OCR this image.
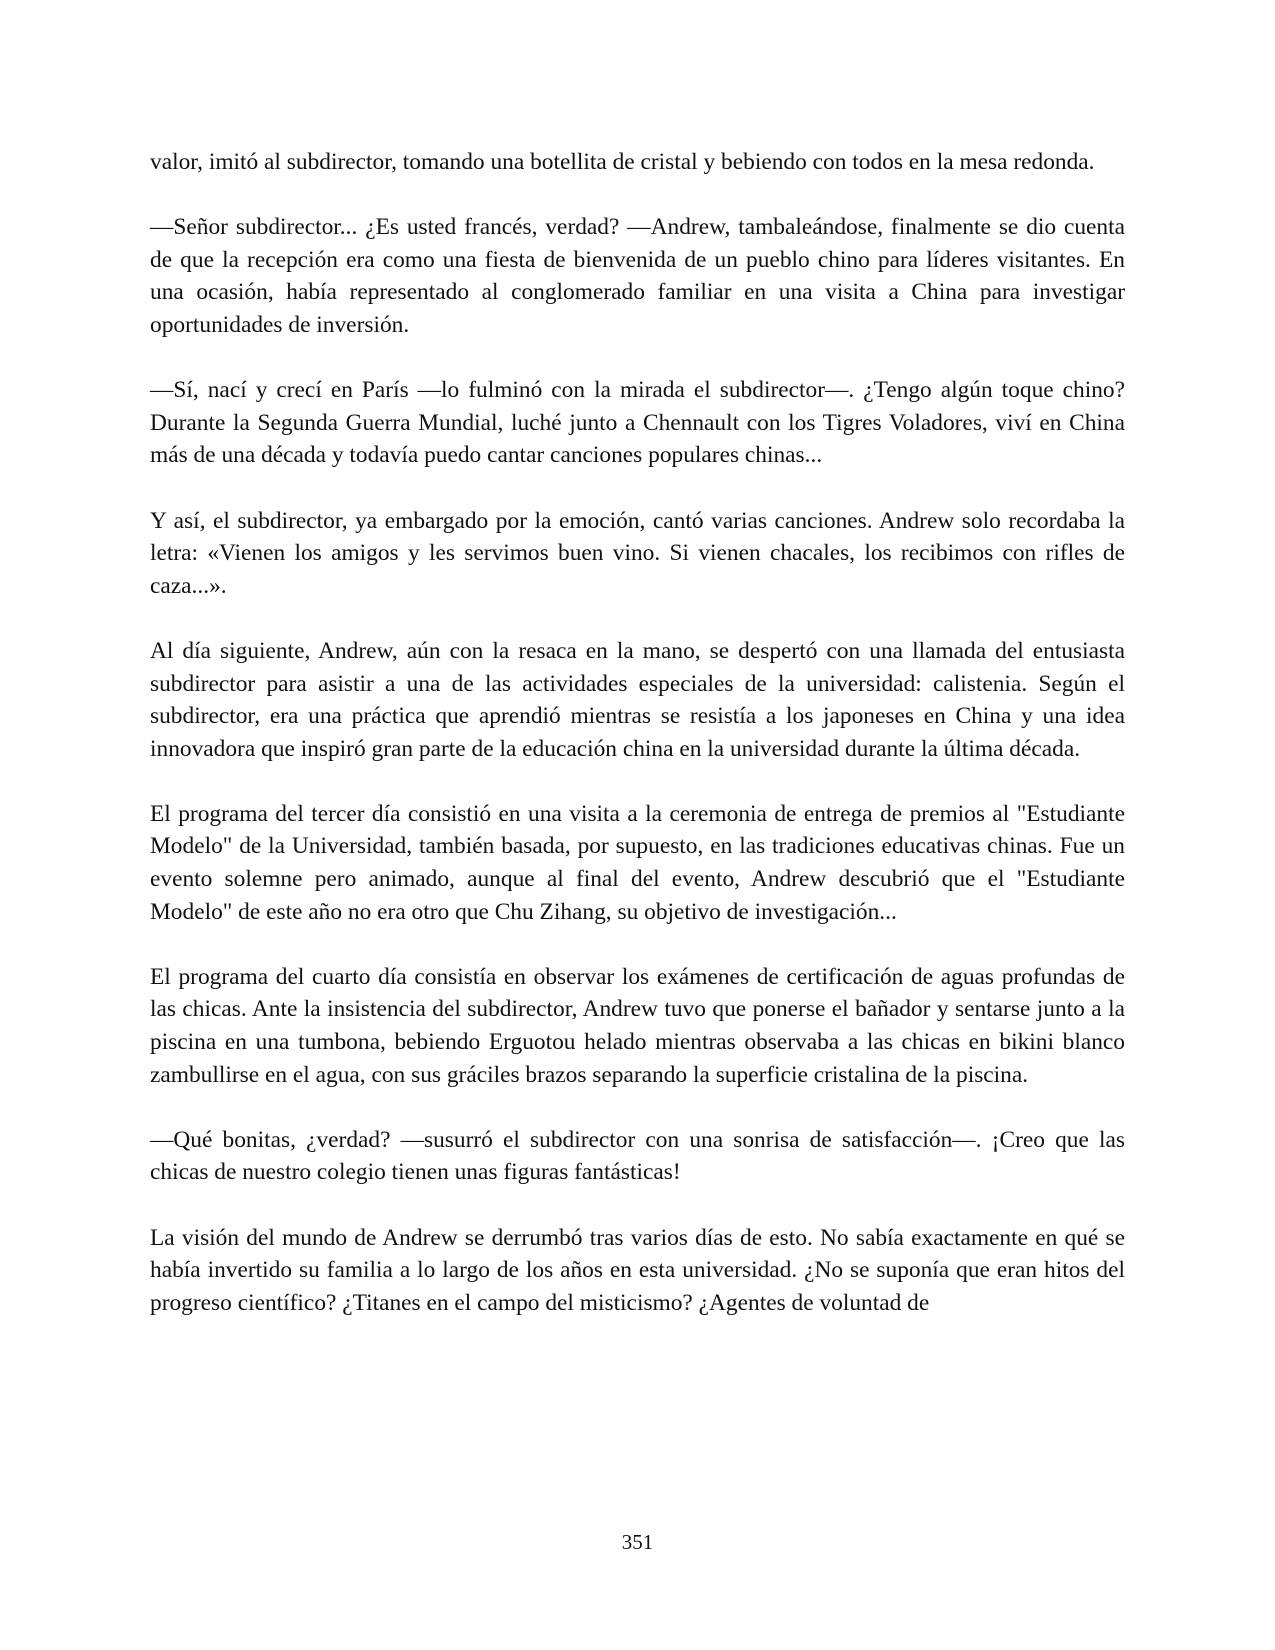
valor, imitó al subdirector, tomando una botellita de cristal y bebiendo con todos en la mesa redonda.

—Señor subdirector... ¿Es usted francés, verdad? —Andrew, tambaleándose, finalmente se dio cuenta de que la recepción era como una fiesta de bienvenida de un pueblo chino para líderes visitantes. En una ocasión, había representado al conglomerado familiar en una visita a China para investigar oportunidades de inversión.

—Sí, nací y crecí en París —lo fulminó con la mirada el subdirector—. ¿Tengo algún toque chino? Durante la Segunda Guerra Mundial, luché junto a Chennault con los Tigres Voladores, viví en China más de una década y todavía puedo cantar canciones populares chinas...

Y así, el subdirector, ya embargado por la emoción, cantó varias canciones. Andrew solo recordaba la letra: «Vienen los amigos y les servimos buen vino. Si vienen chacales, los recibimos con rifles de caza...».

Al día siguiente, Andrew, aún con la resaca en la mano, se despertó con una llamada del entusiasta subdirector para asistir a una de las actividades especiales de la universidad: calistenia. Según el subdirector, era una práctica que aprendió mientras se resistía a los japoneses en China y una idea innovadora que inspiró gran parte de la educación china en la universidad durante la última década.

El programa del tercer día consistió en una visita a la ceremonia de entrega de premios al "Estudiante Modelo" de la Universidad, también basada, por supuesto, en las tradiciones educativas chinas. Fue un evento solemne pero animado, aunque al final del evento, Andrew descubrió que el "Estudiante Modelo" de este año no era otro que Chu Zihang, su objetivo de investigación...

El programa del cuarto día consistía en observar los exámenes de certificación de aguas profundas de las chicas. Ante la insistencia del subdirector, Andrew tuvo que ponerse el bañador y sentarse junto a la piscina en una tumbona, bebiendo Erguotou helado mientras observaba a las chicas en bikini blanco zambullirse en el agua, con sus gráciles brazos separando la superficie cristalina de la piscina.

—Qué bonitas, ¿verdad? —susurró el subdirector con una sonrisa de satisfacción—. ¡Creo que las chicas de nuestro colegio tienen unas figuras fantásticas!

La visión del mundo de Andrew se derrumbó tras varios días de esto. No sabía exactamente en qué se había invertido su familia a lo largo de los años en esta universidad. ¿No se suponía que eran hitos del progreso científico? ¿Titanes en el campo del misticismo? ¿Agentes de voluntad de

351
